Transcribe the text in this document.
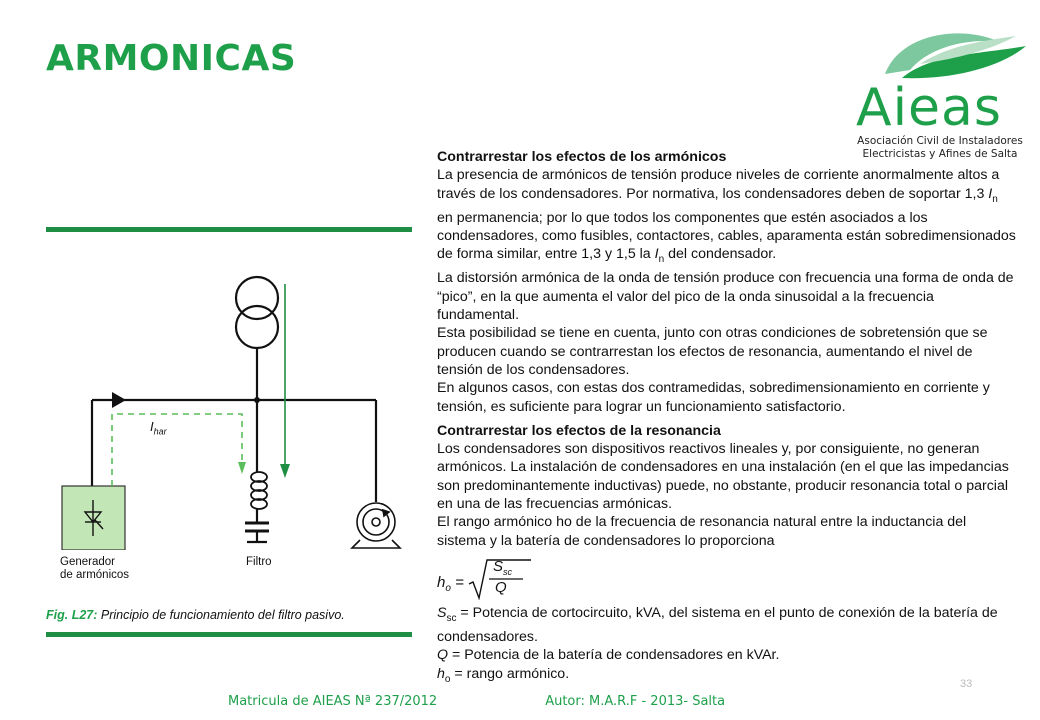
ARMONICAS
Aieas
Asociación Civil de Instaladores
Electricistas y Afines de Salta
$I_{har}$
Generador
de armónicos
Filtro
Fig. L27: Principio de funcionamiento del filtro pasivo.
Contrarrestar los efectos de los armónicos

La presencia de armónicos de tensión produce niveles de corriente anormalmente altos a través de los condensadores. Por normativa, los condensadores deben de soportar 1,3 $I_n$ en permanencia; por lo que todos los componentes que estén asociados a los condensadores, como fusibles, contactores, cables, aparamenta están sobredimensionados de forma similar, entre 1,3 y 1,5 la $I_n$ del condensador.

La distorsión armónica de la onda de tensión produce con frecuencia una forma de onda de “pico”, en la que aumenta el valor del pico de la onda sinusoidal a la frecuencia fundamental.

Esta posibilidad se tiene en cuenta, junto con otras condiciones de sobretensión que se producen cuando se contrarrestan los efectos de resonancia, aumentando el nivel de tensión de los condensadores.

En algunos casos, con estas dos contramedidas, sobredimensionamiento en corriente y tensión, es suficiente para lograr un funcionamiento satisfactorio.

Contrarrestar los efectos de la resonancia

Los condensadores son dispositivos reactivos lineales y, por consiguiente, no generan armónicos. La instalación de condensadores en una instalación (en el que las impedancias son predominantemente inductivas) puede, no obstante, producir resonancia total o parcial en una de las frecuencias armónicas.

El rango armónico ho de la frecuencia de resonancia natural entre la inductancia del sistema y la batería de condensadores lo proporciona

$h_o$ =
$S_{sc}$
Q

$S_{sc}$ = Potencia de cortocircuito, kVA, del sistema en el punto de conexión de la batería de condensadores.

Q = Potencia de la batería de condensadores en kVAr.

$h_o$ = rango armónico.

33
Matricula de AIEAS Nª 237/2012	Autor: M.A.R.F - 2013- Salta
